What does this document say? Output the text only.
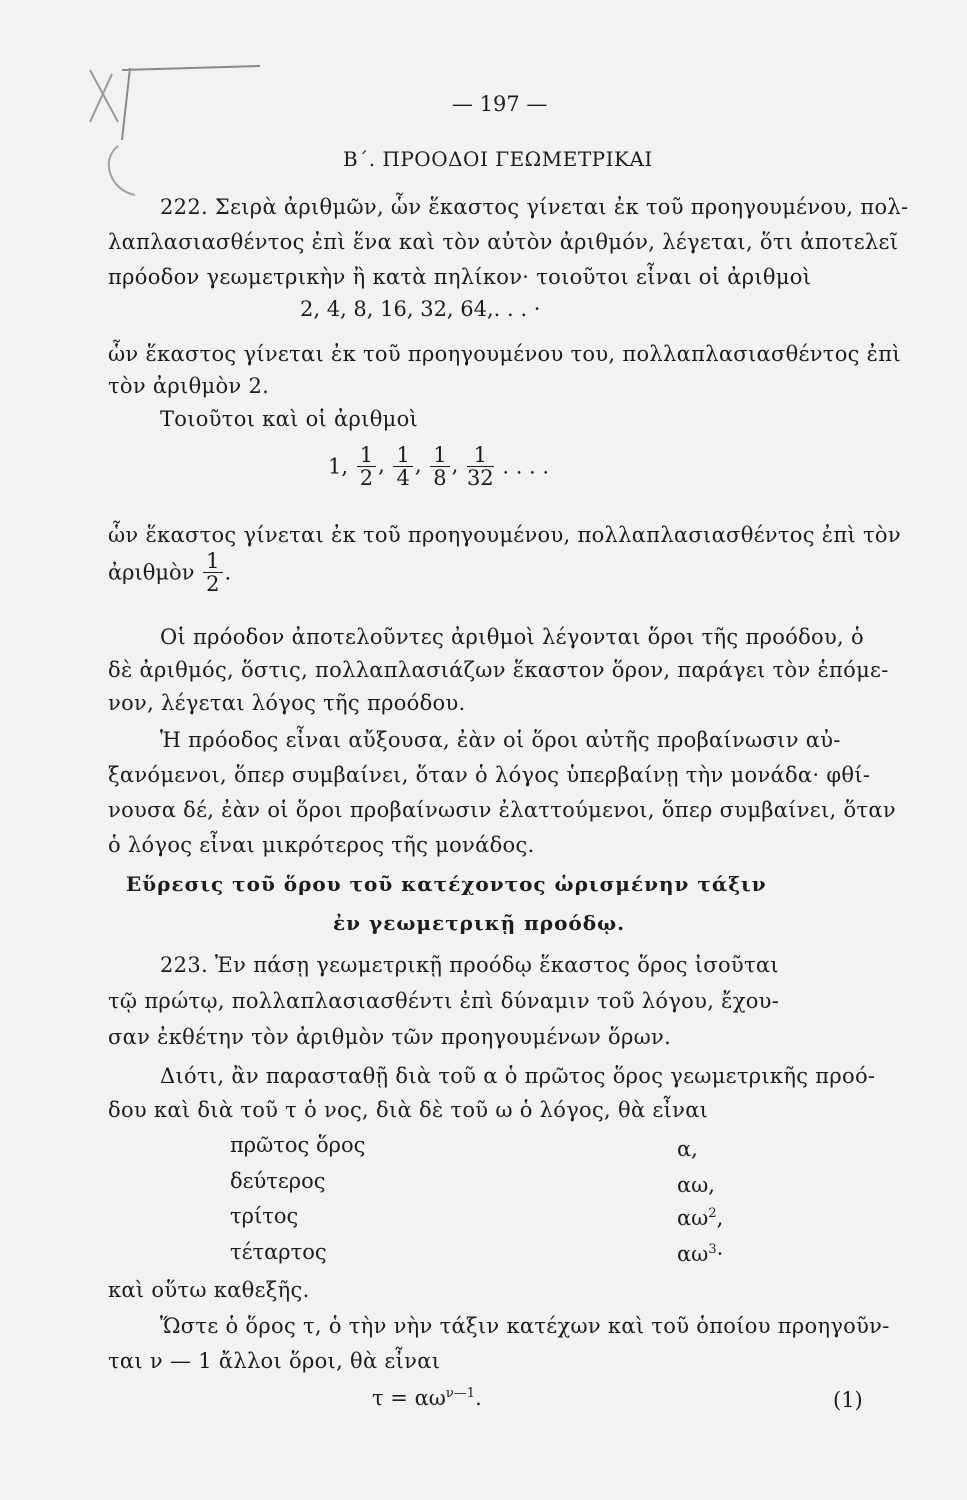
— 197 —
Β΄. ΠΡΟΟΔΟΙ ΓΕΩΜΕΤΡΙΚΑΙ
222. Σειρὰ ἀριθμῶν, ὧν ἕκαστος γίνεται ἐκ τοῦ προηγουμένου, πολ-
λαπλασιασθέντος ἐπὶ ἕνα καὶ τὸν αὐτὸν ἀριθμόν, λέγεται, ὅτι ἀποτελεῖ
πρόοδον γεωμετρικὴν ἢ κατὰ πηλίκον· τοιοῦτοι εἶναι οἱ ἀριθμοὶ
2, 4, 8, 16, 32, 64,. . . ·
ὧν ἕκαστος γίνεται ἐκ τοῦ προηγουμένου του, πολλαπλασιασθέντος ἐπὶ
τὸν ἀριθμὸν 2.
Τοιοῦτοι καὶ οἱ ἀριθμοὶ
1, $\frac{1}{2}$ , $\frac{1}{4}$ , $\frac{1}{8}$ , $\frac{1}{32}$ . . . .
ὧν ἕκαστος γίνεται ἐκ τοῦ προηγουμένου, πολλαπλασιασθέντος ἐπὶ τὸν
ἀριθμὸν $\frac{1}{2}$ .
Οἱ πρόοδον ἀποτελοῦντες ἀριθμοὶ λέγονται ὅροι τῆς προόδου, ὁ
δὲ ἀριθμός, ὅστις, πολλαπλασιάζων ἕκαστον ὅρον, παράγει τὸν ἑπόμε-
νον, λέγεται λόγος τῆς προόδου.
Ἡ πρόοδος εἶναι αὔξουσα, ἐὰν οἱ ὅροι αὐτῆς προβαίνωσιν αὐ-
ξανόμενοι, ὅπερ συμβαίνει, ὅταν ὁ λόγος ὑπερβαίνῃ τὴν μονάδα· φθί-
νουσα δέ, ἐὰν οἱ ὅροι προβαίνωσιν ἐλαττούμενοι, ὅπερ συμβαίνει, ὅταν
ὁ λόγος εἶναι μικρότερος τῆς μονάδος.
Εὕρεσις τοῦ ὅρου τοῦ κατέχοντος ὡρισμένην τάξιν
ἐν γεωμετρικῇ προόδῳ.
223. Ἐν πάσῃ γεωμετρικῇ προόδῳ ἕκαστος ὅρος ἰσοῦται
τῷ πρώτῳ, πολλαπλασιασθέντι ἐπὶ δύναμιν τοῦ λόγου, ἔχου-
σαν ἐκθέτην τὸν ἀριθμὸν τῶν προηγουμένων ὅρων.
Διότι, ἂν παρασταθῇ διὰ τοῦ α ὁ πρῶτος ὅρος γεωμετρικῆς προό-
δου καὶ διὰ τοῦ τ ὁ νος, διὰ δὲ τοῦ ω ὁ λόγος, θὰ εἶναι
πρῶτος ὅρος	α,
δεύτερος	αω,
τρίτος	$\alpha\omega^2$,
τέταρτος	$\alpha\omega^3\cdot$
καὶ οὕτω καθεξῆς.
Ὥστε ὁ ὅρος τ, ὁ τὴν νὴν τάξιν κατέχων καὶ τοῦ ὁποίου προηγοῦν-
ται ν — 1 ἄλλοι ὅροι, θὰ εἶναι
$\tau = \alpha\omega^{\nu—1}$.	(1)
